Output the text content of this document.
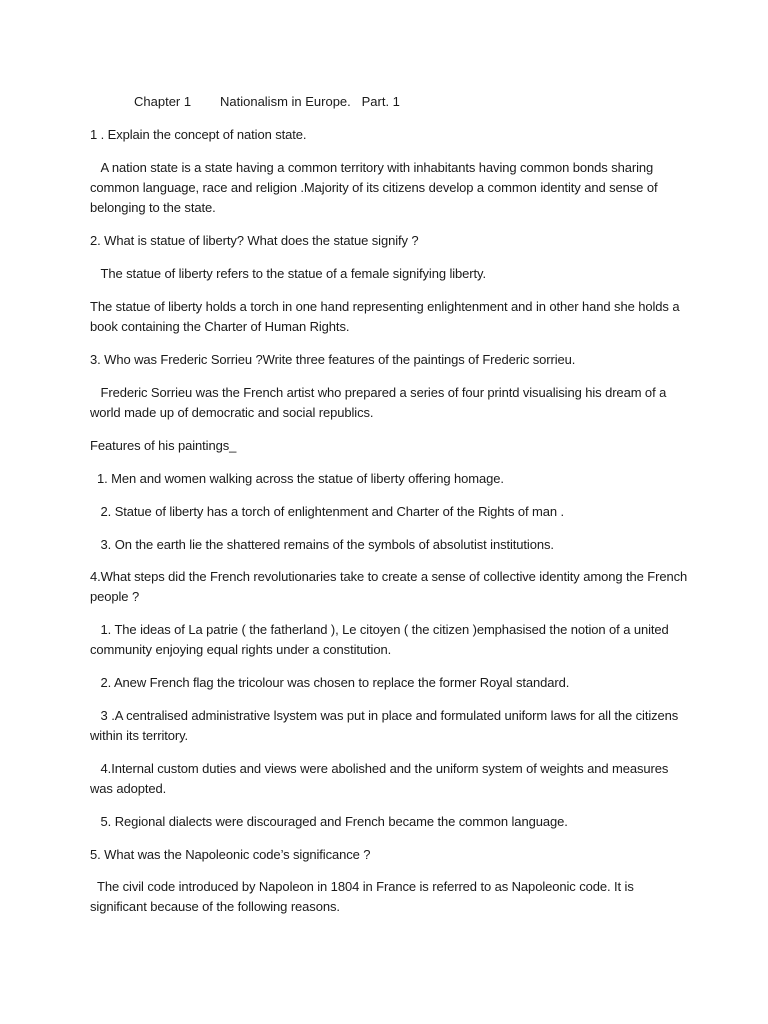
Chapter 1        Nationalism in Europe.   Part. 1

1 . Explain the concept of nation state.

A nation state is a state having a common territory with inhabitants having common bonds sharing common language, race and religion .Majority of its citizens develop a common identity and sense of belonging to the state.

2. What is statue of liberty? What does the statue signify ?

The statue of liberty refers to the statue of a female signifying liberty.

The statue of liberty holds a torch in one hand representing enlightenment and in other hand she holds a book containing the Charter of Human Rights.

3. Who was Frederic Sorrieu ?Write three features of the paintings of Frederic sorrieu.

Frederic Sorrieu was the French artist who prepared a series of four printd visualising his dream of a world made up of democratic and social republics.

Features of his paintings_

1. Men and women walking across the statue of liberty offering homage.

2. Statue of liberty has a torch of enlightenment and Charter of the Rights of man .

3. On the earth lie the shattered remains of the symbols of absolutist institutions.

4.What steps did the French revolutionaries take to create a sense of collective identity among the French people ?

1. The ideas of La patrie ( the fatherland ), Le citoyen ( the citizen )emphasised the notion of a united community enjoying equal rights under a constitution.

2. Anew French flag the tricolour was chosen to replace the former Royal standard.

3 .A centralised administrative lsystem was put in place and formulated uniform laws for all the citizens within its territory.

4.Internal custom duties and views were abolished and the uniform system of weights and measures was adopted.

5. Regional dialects were discouraged and French became the common language.

5. What was the Napoleonic code’s significance ?

The civil code introduced by Napoleon in 1804 in France is referred to as Napoleonic code. It is significant because of the following reasons.
